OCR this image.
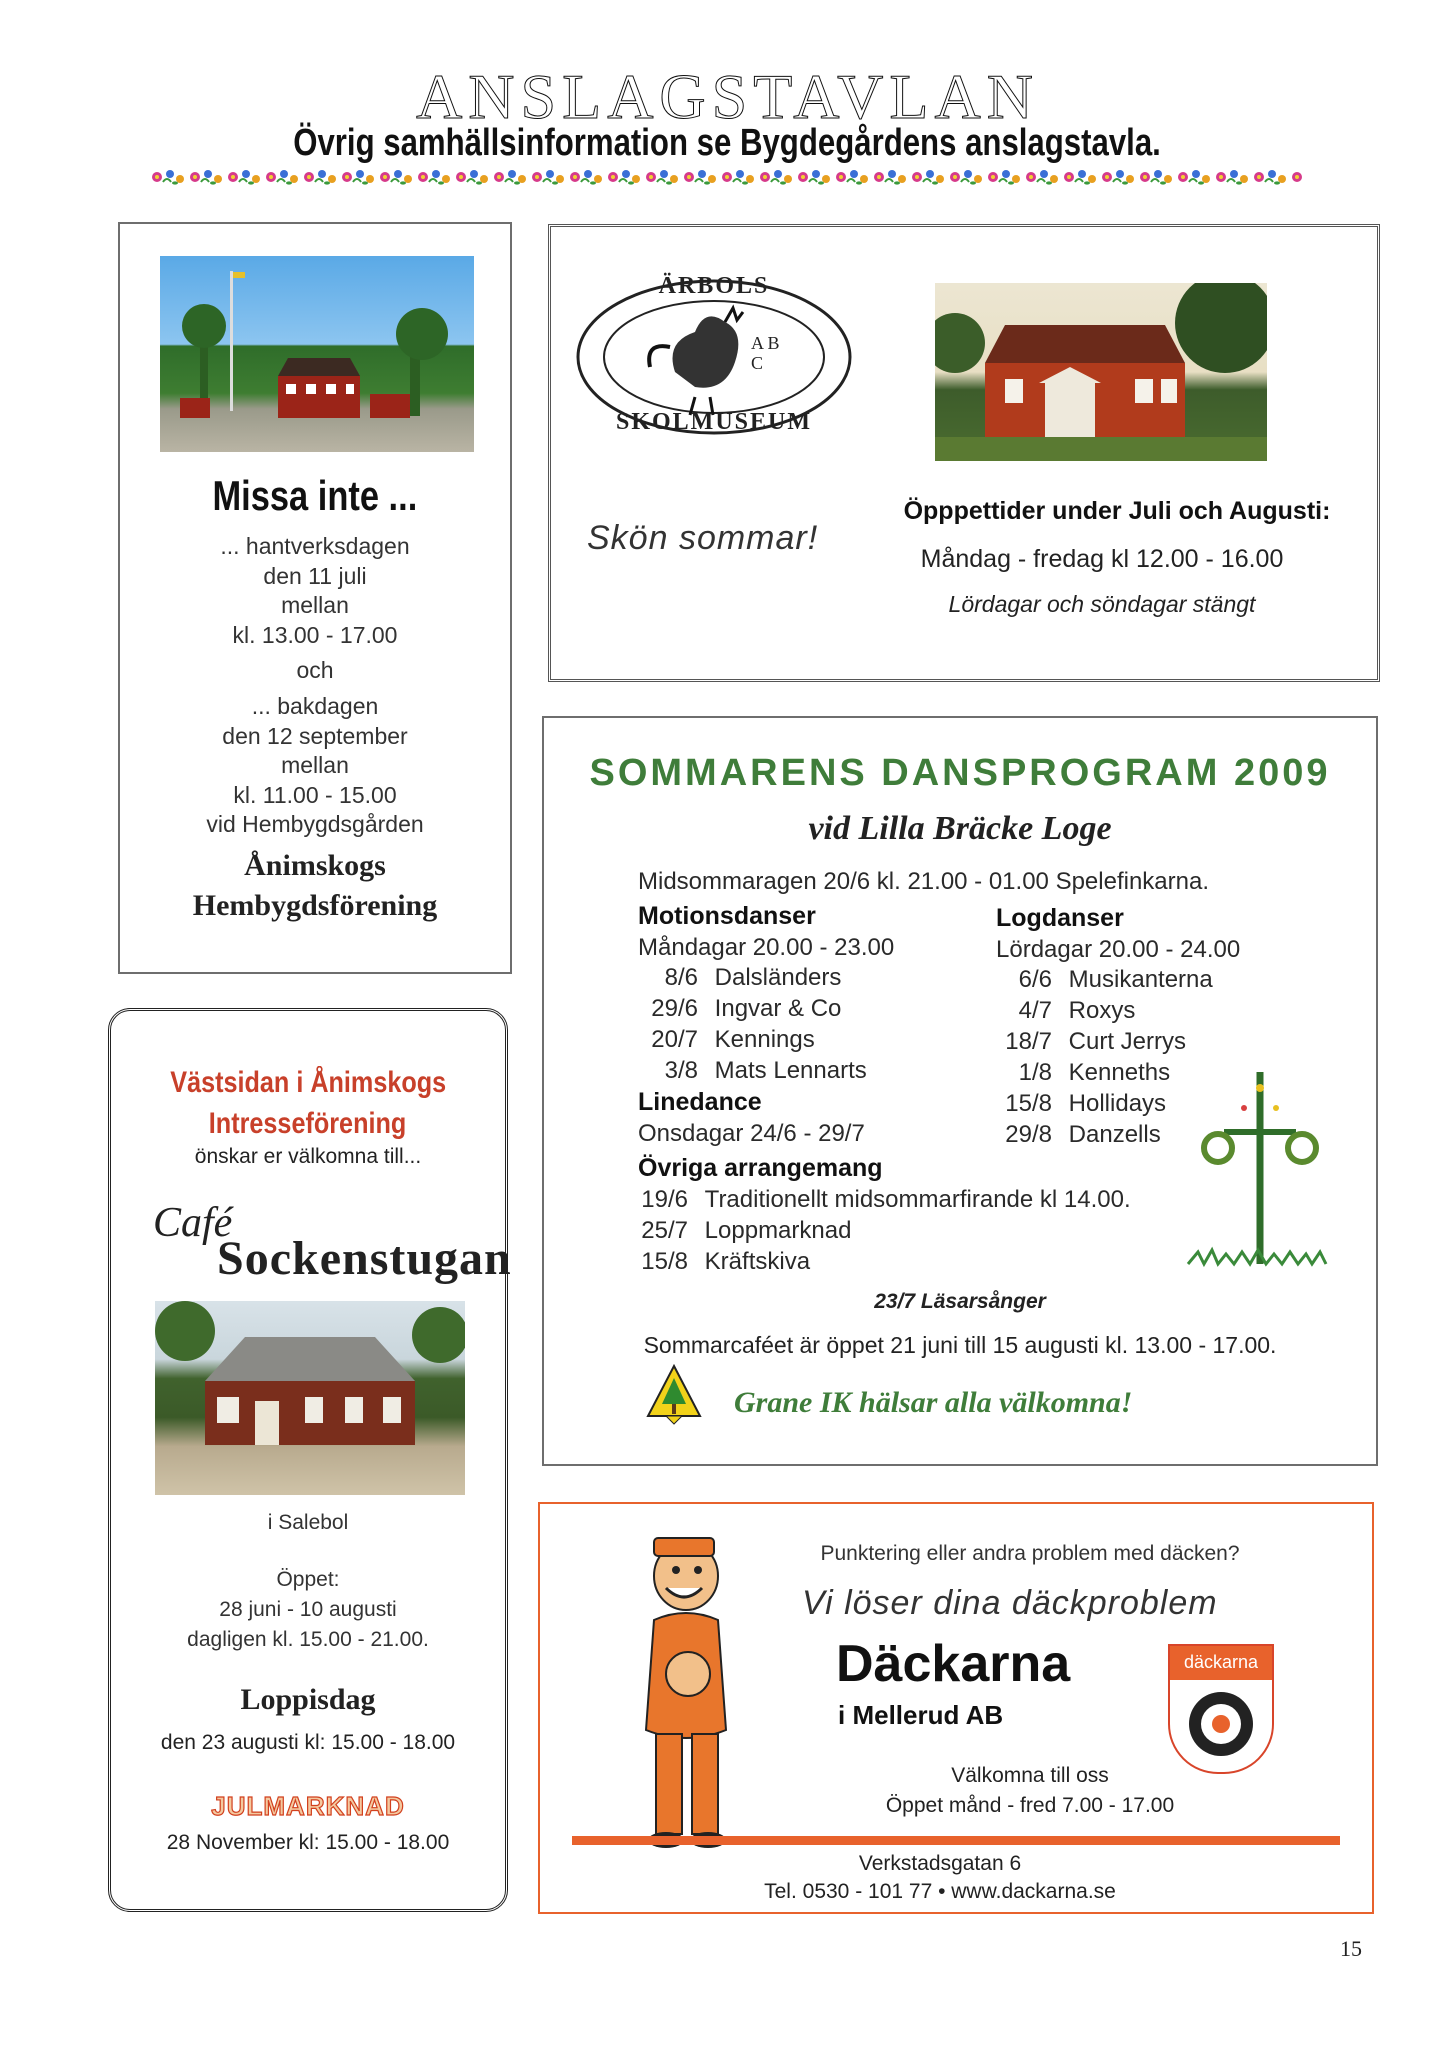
ANSLAGSTAVLAN
Övrig samhällsinformation se Bygdegårdens anslagstavla.
Missa inte ...
... hantverksdagen
den 11 juli
mellan
kl. 13.00 - 17.00
och
... bakdagen
den 12 september
mellan
kl. 11.00 - 15.00
vid Hembygdsgården
Ånimskogs
Hembygdsförening
ÄRBOLS
SKOLMUSEUM
A B C
Skön sommar!
Öpppettider under Juli och Augusti:
Måndag - fredag kl 12.00 - 16.00
Lördagar och söndagar stängt
Västsidan i Ånimskogs
Intresseförening
önskar er välkomna till...
Café
Sockenstugan
i Salebol
Öppet:
28 juni - 10 augusti
dagligen kl. 15.00 - 21.00.
Loppisdag
den 23 augusti kl: 15.00 - 18.00
JULMARKNAD
28 November kl: 15.00 - 18.00
SOMMARENS DANSPROGRAM 2009
vid Lilla Bräcke Loge
Midsommaragen 20/6 kl. 21.00 - 01.00 Spelefinkarna.
Motionsdanser
Måndagar 20.00 - 23.00
8/6 Dalsländers
29/6 Ingvar & Co
20/7 Kennings
3/8 Mats Lennarts
Linedance
Onsdagar 24/6 - 29/7
Logdanser
Lördagar 20.00 - 24.00
6/6 Musikanterna
4/7 Roxys
18/7 Curt Jerrys
1/8 Kenneths
15/8 Hollidays
29/8 Danzells
Övriga arrangemang
19/6 Traditionellt midsommarfirande kl 14.00.
25/7 Loppmarknad
15/8 Kräftskiva
23/7 Läsarsånger
Sommarcaféet är öppet 21 juni till 15 augusti kl. 13.00 - 17.00.
Grane IK hälsar alla välkomna!
Punktering eller andra problem med däcken?
Vi löser dina däckproblem
Däckarna
i Mellerud AB
däckarna
Välkomna till oss
Öppet månd - fred 7.00 - 17.00
Verkstadsgatan 6
Tel. 0530 - 101 77 • www.dackarna.se
15
